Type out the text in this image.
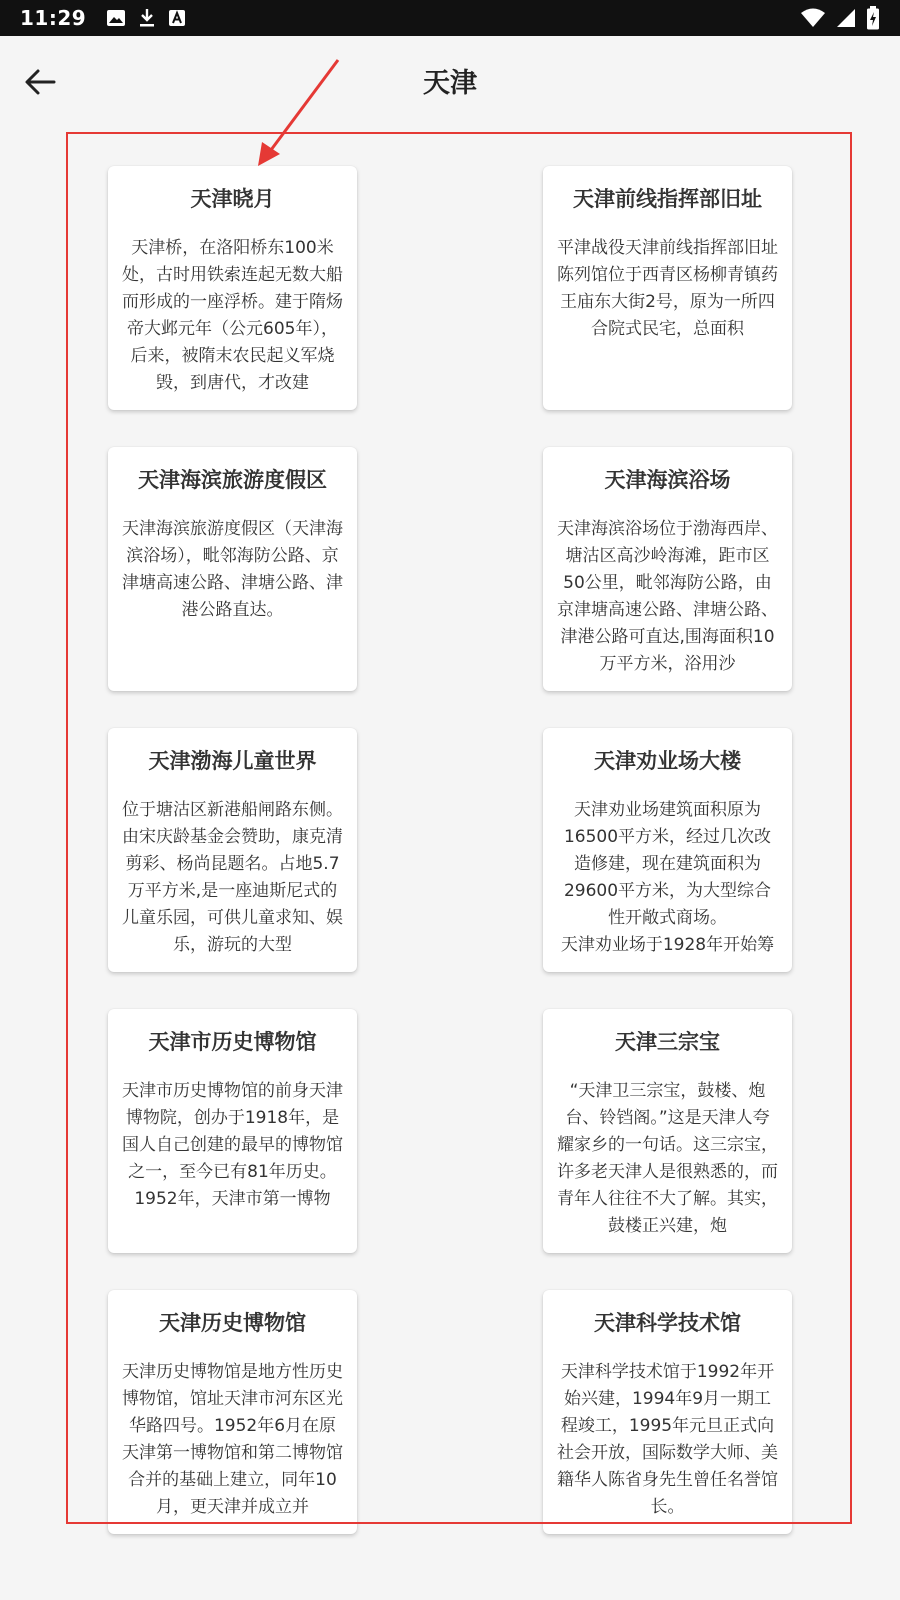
11:29
天津
天津晓月
天津桥，在洛阳桥东100米处，古时用铁索连起无数大船而形成的一座浮桥。建于隋炀帝大邺元年（公元605年），后来，被隋末农民起义军烧毁，到唐代，才改建
天津前线指挥部旧址
平津战役天津前线指挥部旧址陈列馆位于西青区杨柳青镇药王庙东大街2号，原为一所四合院式民宅，总面积
天津海滨旅游度假区
天津海滨旅游度假区（天津海滨浴场），毗邻海防公路、京津塘高速公路、津塘公路、津港公路直达。
天津海滨浴场
天津海滨浴场位于渤海西岸、塘沽区高沙岭海滩，距市区50公里，毗邻海防公路，由京津塘高速公路、津塘公路、津港公路可直达,围海面积10万平方米，浴用沙
天津渤海儿童世界
位于塘沽区新港船闸路东侧。由宋庆龄基金会赞助，康克清剪彩、杨尚昆题名。占地5.7万平方米,是一座迪斯尼式的儿童乐园，可供儿童求知、娱乐，游玩的大型
天津劝业场大楼
天津劝业场建筑面积原为16500平方米，经过几次改造修建，现在建筑面积为29600平方米，为大型综合性开敞式商场。
天津劝业场于1928年开始筹
天津市历史博物馆
天津市历史博物馆的前身天津博物院，创办于1918年，是国人自己创建的最早的博物馆之一，至今已有81年历史。
1952年，天津市第一博物
天津三宗宝
“天津卫三宗宝，鼓楼、炮台、铃铛阁。”这是天津人夸耀家乡的一句话。这三宗宝，许多老天津人是很熟悉的，而青年人往往不大了解。其实，鼓楼正兴建，炮
天津历史博物馆
天津历史博物馆是地方性历史博物馆，馆址天津市河东区光华路四号。1952年6月在原天津第一博物馆和第二博物馆合并的基础上建立，同年10月，更天津并成立并
天津科学技术馆
天津科学技术馆于1992年开始兴建，1994年9月一期工程竣工，1995年元旦正式向社会开放，国际数学大师、美籍华人陈省身先生曾任名誉馆长。
